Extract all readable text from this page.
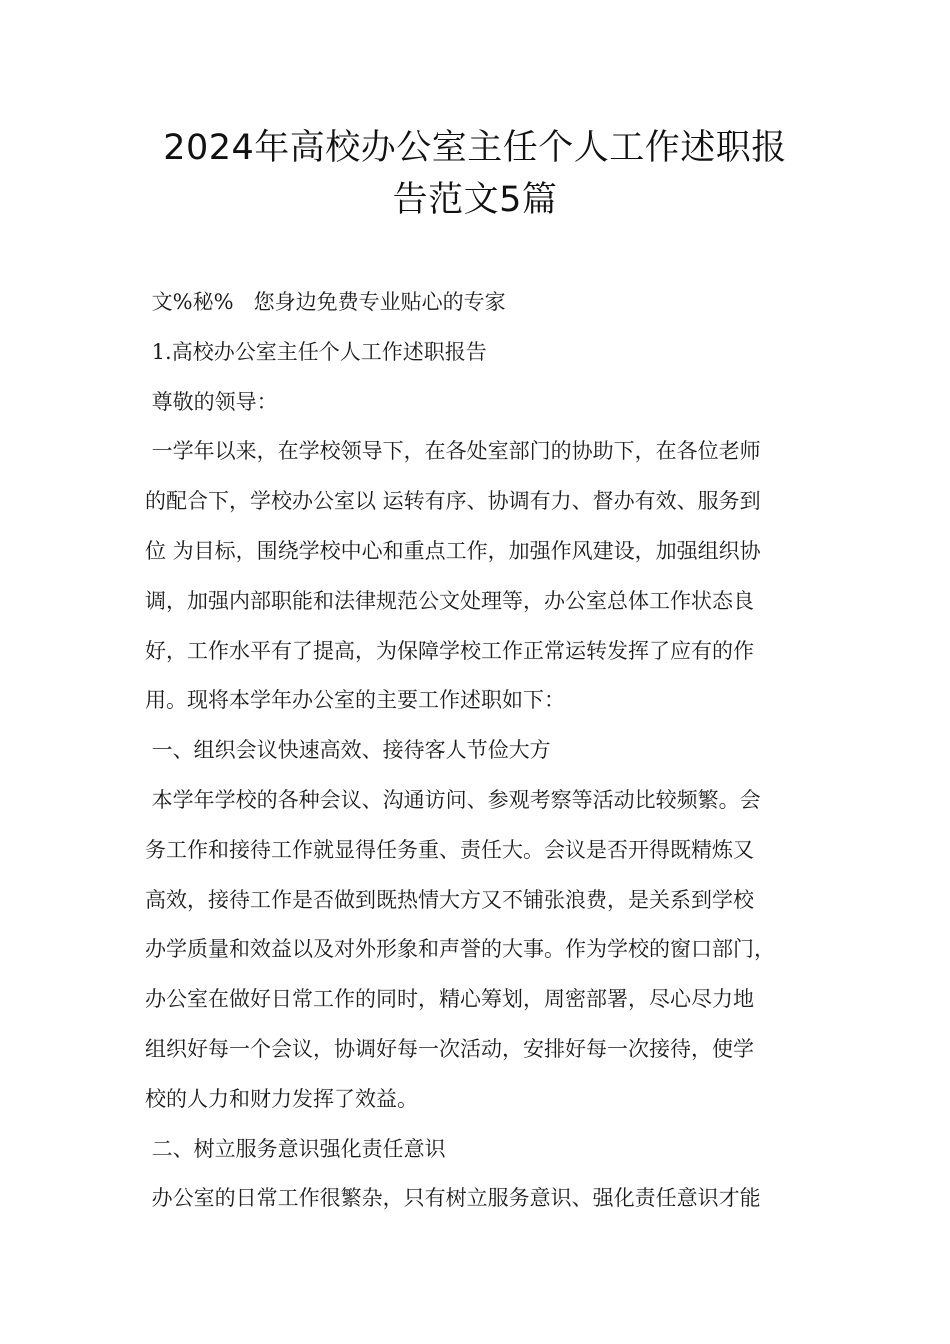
2024年高校办公室主任个人工作述职报
告范文5篇
文%秘%   您身边免费专业贴心的专家
1.高校办公室主任个人工作述职报告
尊敬的领导：
一学年以来，在学校领导下，在各处室部门的协助下，在各位老师
的配合下，学校办公室以 运转有序、协调有力、督办有效、服务到
位 为目标，围绕学校中心和重点工作，加强作风建设，加强组织协
调，加强内部职能和法律规范公文处理等，办公室总体工作状态良
好，工作水平有了提高，为保障学校工作正常运转发挥了应有的作
用。现将本学年办公室的主要工作述职如下：
一、组织会议快速高效、接待客人节俭大方
本学年学校的各种会议、沟通访问、参观考察等活动比较频繁。会
务工作和接待工作就显得任务重、责任大。会议是否开得既精炼又
高效，接待工作是否做到既热情大方又不铺张浪费，是关系到学校
办学质量和效益以及对外形象和声誉的大事。作为学校的窗口部门，
办公室在做好日常工作的同时，精心筹划，周密部署，尽心尽力地
组织好每一个会议，协调好每一次活动，安排好每一次接待，使学
校的人力和财力发挥了效益。
二、树立服务意识强化责任意识
办公室的日常工作很繁杂，只有树立服务意识、强化责任意识才能
